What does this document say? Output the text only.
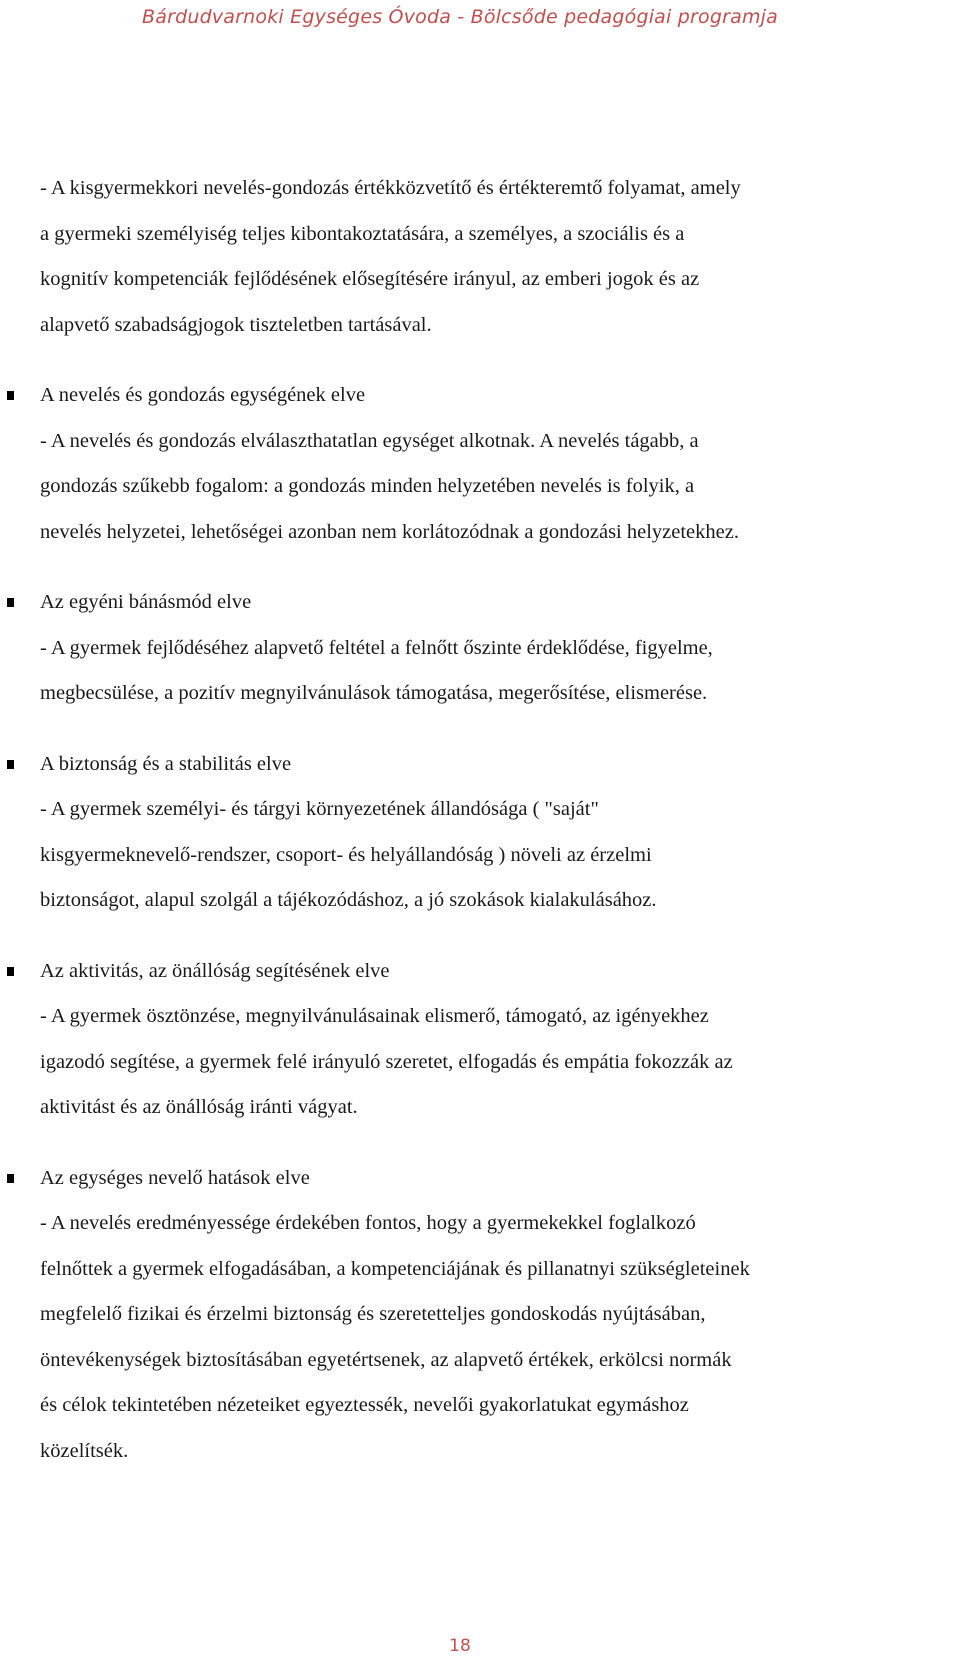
Bárdudvarnoki Egységes Óvoda - Bölcsőde pedagógiai programja
- A kisgyermekkori nevelés-gondozás értékközvetítő és értékteremtő folyamat, amely
a gyermeki személyiség teljes kibontakoztatására, a személyes, a szociális és a
kognitív kompetenciák fejlődésének elősegítésére irányul, az emberi jogok és az
alapvető szabadságjogok tiszteletben tartásával.
A nevelés és gondozás egységének elve
- A nevelés és gondozás elválaszthatatlan egységet alkotnak. A nevelés tágabb, a
gondozás szűkebb fogalom: a gondozás minden helyzetében nevelés is folyik, a
nevelés helyzetei, lehetőségei azonban nem korlátozódnak a gondozási helyzetekhez.
Az egyéni bánásmód elve
- A gyermek fejlődéséhez alapvető feltétel a felnőtt őszinte érdeklődése, figyelme,
megbecsülése, a pozitív megnyilvánulások támogatása, megerősítése, elismerése.
A biztonság és a stabilitás elve
- A gyermek személyi- és tárgyi környezetének állandósága ( "saját"
kisgyermeknevelő-rendszer, csoport- és helyállandóság ) növeli az érzelmi
biztonságot, alapul szolgál a tájékozódáshoz, a jó szokások kialakulásához.
Az aktivitás, az önállóság segítésének elve
- A gyermek ösztönzése, megnyilvánulásainak elismerő, támogató, az igényekhez
igazodó segítése, a gyermek felé irányuló szeretet, elfogadás és empátia fokozzák az
aktivitást és az önállóság iránti vágyat.
Az egységes nevelő hatások elve
- A nevelés eredményessége érdekében fontos, hogy a gyermekekkel foglalkozó
felnőttek a gyermek elfogadásában, a kompetenciájának és pillanatnyi szükségleteinek
megfelelő fizikai és érzelmi biztonság és szeretetteljes gondoskodás nyújtásában,
öntevékenységek biztosításában egyetértsenek, az alapvető értékek, erkölcsi normák
és célok tekintetében nézeteiket egyeztessék, nevelői gyakorlatukat egymáshoz
közelítsék.
18
